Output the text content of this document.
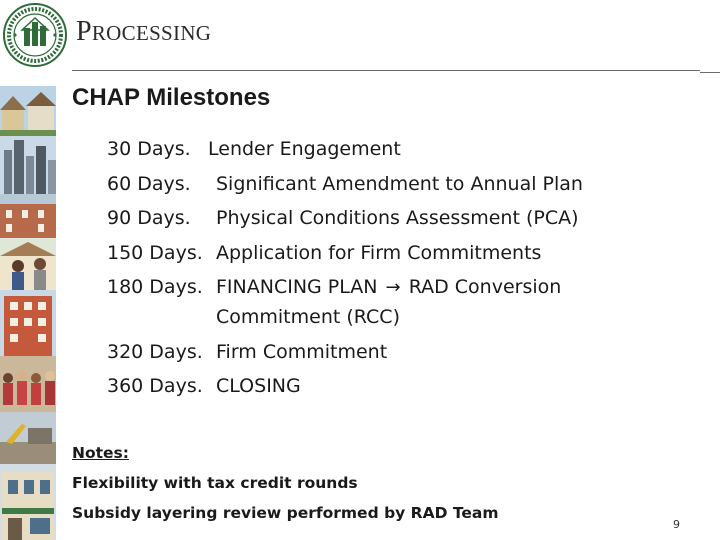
PROCESSING
CHAP Milestones
30 Days. Lender Engagement
60 Days. Significant Amendment to Annual Plan
90 Days. Physical Conditions Assessment (PCA)
150 Days. Application for Firm Commitments
180 Days. FINANCING PLAN → RAD Conversion
Commitment (RCC)
320 Days. Firm Commitment
360 Days. CLOSING
Notes:
Flexibility with tax credit rounds
Subsidy layering review performed by RAD Team
9
